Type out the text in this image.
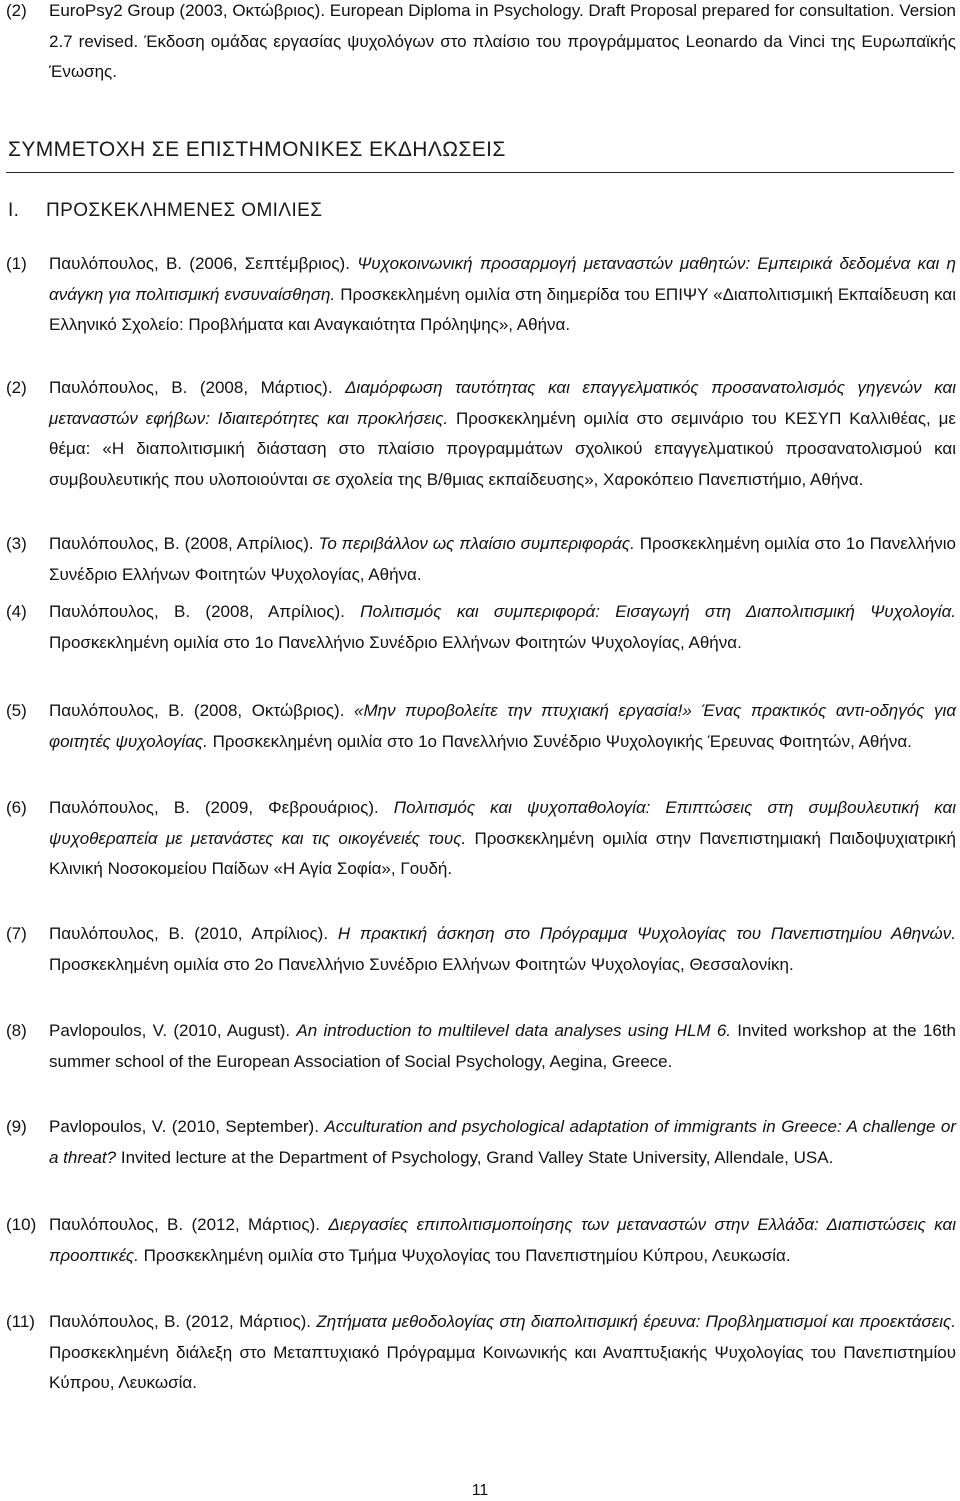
(2) EuroPsy2 Group (2003, Οκτώβριος). European Diploma in Psychology. Draft Proposal prepared for consultation. Version 2.7 revised. Έκδοση ομάδας εργασίας ψυχολόγων στο πλαίσιο του προγράμματος Leonardo da Vinci της Ευρωπαϊκής Ένωσης.
ΣΥΜΜΕΤΟΧΗ ΣΕ ΕΠΙΣΤΗΜΟΝΙΚΕΣ ΕΚΔΗΛΩΣΕΙΣ
Ι. ΠΡΟΣΚΕΚΛΗΜΕΝΕΣ ΟΜΙΛΙΕΣ
(1) Παυλόπουλος, Β. (2006, Σεπτέμβριος). Ψυχοκοινωνική προσαρμογή μεταναστών μαθητών: Εμπειρικά δεδομένα και η ανάγκη για πολιτισμική ενσυναίσθηση. Προσκεκλημένη ομιλία στη διημερίδα του ΕΠΙΨΥ «Διαπολιτισμική Εκπαίδευση και Ελληνικό Σχολείο: Προβλήματα και Αναγκαιότητα Πρόληψης», Αθήνα.
(2) Παυλόπουλος, Β. (2008, Μάρτιος). Διαμόρφωση ταυτότητας και επαγγελματικός προσανατολισμός γηγενών και μεταναστών εφήβων: Ιδιαιτερότητες και προκλήσεις. Προσκεκλημένη ομιλία στο σεμινάριο του ΚΕΣΥΠ Καλλιθέας, με θέμα: «Η διαπολιτισμική διάσταση στο πλαίσιο προγραμμάτων σχολικού επαγγελματικού προσανατολισμού και συμβουλευτικής που υλοποιούνται σε σχολεία της Β/θμιας εκπαίδευσης», Χαροκόπειο Πανεπιστήμιο, Αθήνα.
(3) Παυλόπουλος, Β. (2008, Απρίλιος). Το περιβάλλον ως πλαίσιο συμπεριφοράς. Προσκεκλημένη ομιλία στο 1ο Πανελλήνιο Συνέδριο Ελλήνων Φοιτητών Ψυχολογίας, Αθήνα.
(4) Παυλόπουλος, Β. (2008, Απρίλιος). Πολιτισμός και συμπεριφορά: Εισαγωγή στη Διαπολιτισμική Ψυχολογία. Προσκεκλημένη ομιλία στο 1ο Πανελλήνιο Συνέδριο Ελλήνων Φοιτητών Ψυχολογίας, Αθήνα.
(5) Παυλόπουλος, Β. (2008, Οκτώβριος). «Μην πυροβολείτε την πτυχιακή εργασία!» Ένας πρακτικός αντι-οδηγός για φοιτητές ψυχολογίας. Προσκεκλημένη ομιλία στο 1ο Πανελλήνιο Συνέδριο Ψυχολογικής Έρευνας Φοιτητών, Αθήνα.
(6) Παυλόπουλος, Β. (2009, Φεβρουάριος). Πολιτισμός και ψυχοπαθολογία: Επιπτώσεις στη συμβουλευτική και ψυχοθεραπεία με μετανάστες και τις οικογένειές τους. Προσκεκλημένη ομιλία στην Πανεπιστημιακή Παιδοψυχιατρική Κλινική Νοσοκομείου Παίδων «Η Αγία Σοφία», Γουδή.
(7) Παυλόπουλος, Β. (2010, Απρίλιος). Η πρακτική άσκηση στο Πρόγραμμα Ψυχολογίας του Πανεπιστημίου Αθηνών. Προσκεκλημένη ομιλία στο 2ο Πανελλήνιο Συνέδριο Ελλήνων Φοιτητών Ψυχολογίας, Θεσσαλονίκη.
(8) Pavlopoulos, V. (2010, August). An introduction to multilevel data analyses using HLM 6. Invited workshop at the 16th summer school of the European Association of Social Psychology, Aegina, Greece.
(9) Pavlopoulos, V. (2010, September). Acculturation and psychological adaptation of immigrants in Greece: A challenge or a threat? Invited lecture at the Department of Psychology, Grand Valley State University, Allendale, USA.
(10) Παυλόπουλος, Β. (2012, Μάρτιος). Διεργασίες επιπολιτισμοποίησης των μεταναστών στην Ελλάδα: Διαπιστώσεις και προοπτικές. Προσκεκλημένη ομιλία στο Τμήμα Ψυχολογίας του Πανεπιστημίου Κύπρου, Λευκωσία.
(11) Παυλόπουλος, Β. (2012, Μάρτιος). Ζητήματα μεθοδολογίας στη διαπολιτισμική έρευνα: Προβληματισμοί και προεκτάσεις. Προσκεκλημένη διάλεξη στο Μεταπτυχιακό Πρόγραμμα Κοινωνικής και Αναπτυξιακής Ψυχολογίας του Πανεπιστημίου Κύπρου, Λευκωσία.
11
